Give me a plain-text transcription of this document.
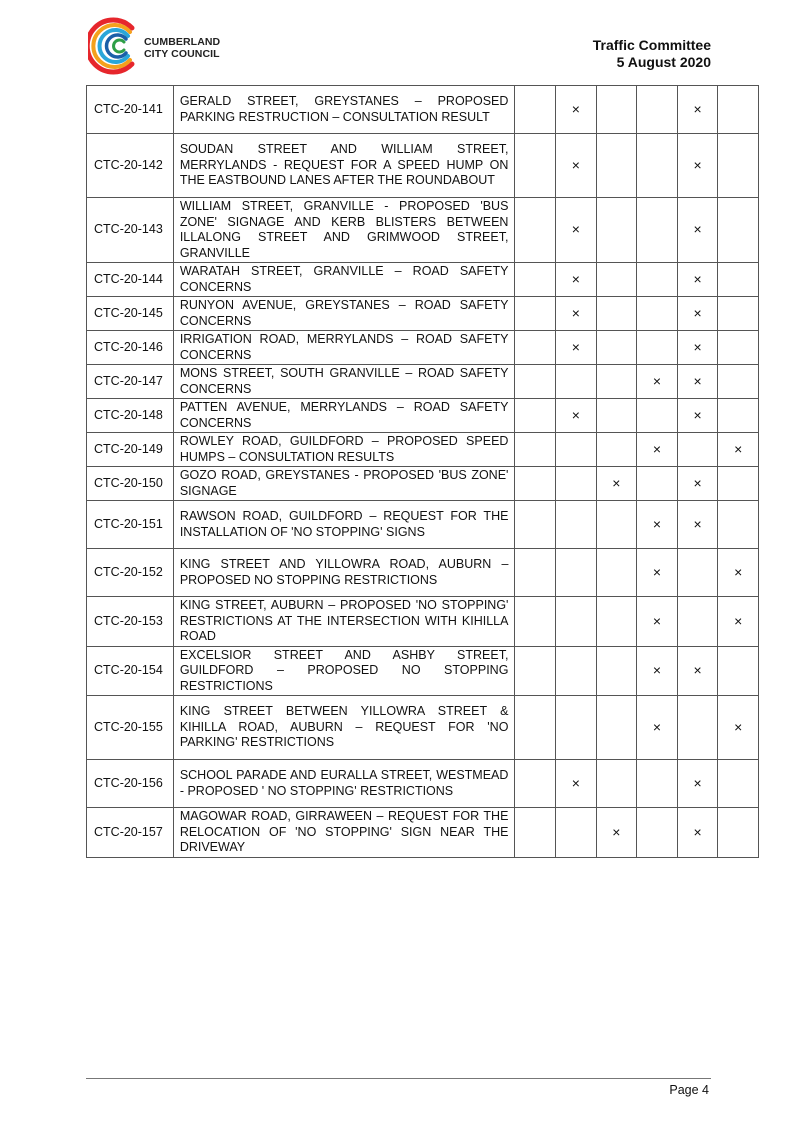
CUMBERLAND
CITY COUNCIL
Traffic Committee
5 August 2020
CTC-20-141	GERALD STREET, GREYSTANES – PROPOSED PARKING RESTRUCTION – CONSULTATION RESULT		×			×	
CTC-20-142	SOUDAN STREET AND WILLIAM STREET, MERRYLANDS - REQUEST FOR A SPEED HUMP ON THE EASTBOUND LANES AFTER THE ROUNDABOUT		×			×	
CTC-20-143	WILLIAM STREET, GRANVILLE - PROPOSED 'BUS ZONE' SIGNAGE AND KERB BLISTERS BETWEEN ILLALONG STREET AND GRIMWOOD STREET, GRANVILLE		×			×	
CTC-20-144	WARATAH STREET, GRANVILLE – ROAD SAFETY CONCERNS		×			×	
CTC-20-145	RUNYON AVENUE, GREYSTANES – ROAD SAFETY CONCERNS		×			×	
CTC-20-146	IRRIGATION ROAD, MERRYLANDS – ROAD SAFETY CONCERNS		×			×	
CTC-20-147	MONS STREET, SOUTH GRANVILLE – ROAD SAFETY CONCERNS				×	×	
CTC-20-148	PATTEN AVENUE, MERRYLANDS – ROAD SAFETY CONCERNS		×			×	
CTC-20-149	ROWLEY ROAD, GUILDFORD – PROPOSED SPEED HUMPS – CONSULTATION RESULTS				×		×
CTC-20-150	GOZO ROAD, GREYSTANES - PROPOSED 'BUS ZONE' SIGNAGE			×		×	
CTC-20-151	RAWSON ROAD, GUILDFORD – REQUEST FOR THE INSTALLATION OF 'NO STOPPING' SIGNS				×	×	
CTC-20-152	KING STREET AND YILLOWRA ROAD, AUBURN – PROPOSED NO STOPPING RESTRICTIONS				×		×
CTC-20-153	KING STREET, AUBURN – PROPOSED 'NO STOPPING' RESTRICTIONS AT THE INTERSECTION WITH KIHILLA ROAD				×		×
CTC-20-154	EXCELSIOR STREET AND ASHBY STREET, GUILDFORD – PROPOSED NO STOPPING RESTRICTIONS				×	×	
CTC-20-155	KING STREET BETWEEN YILLOWRA STREET & KIHILLA ROAD, AUBURN – REQUEST FOR 'NO PARKING' RESTRICTIONS				×		×
CTC-20-156	SCHOOL PARADE AND EURALLA STREET, WESTMEAD - PROPOSED ' NO STOPPING' RESTRICTIONS		×			×	
CTC-20-157	MAGOWAR ROAD, GIRRAWEEN – REQUEST FOR THE RELOCATION OF 'NO STOPPING' SIGN NEAR THE DRIVEWAY			×		×	
Page 4
